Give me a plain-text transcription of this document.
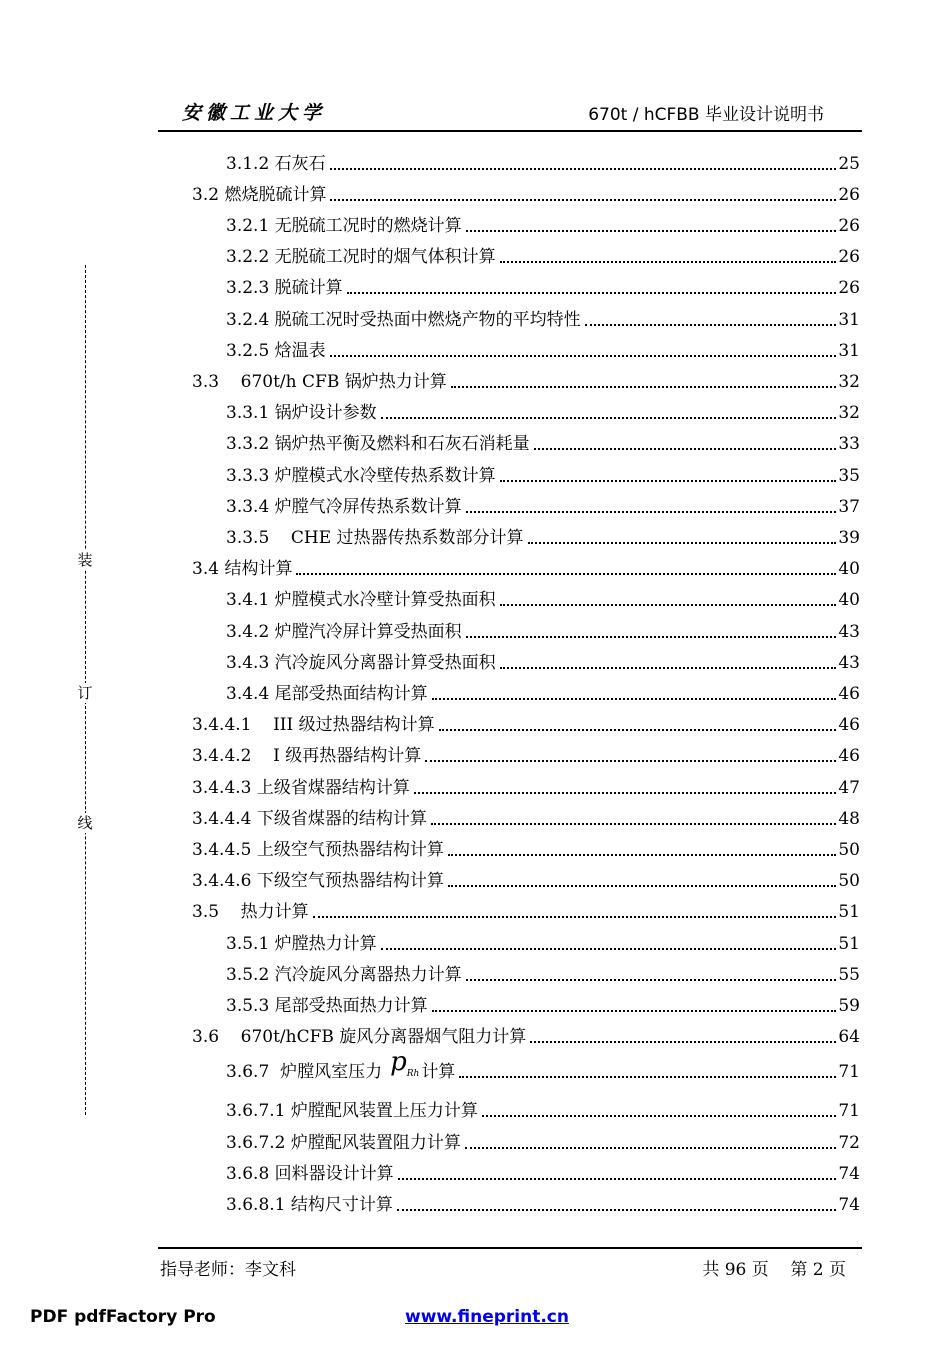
安徽工业大学	670t / hCFBB 毕业设计说明书
装
订
线
3.1.2 石灰石	25
3.2 燃烧脱硫计算	26
3.2.1 无脱硫工况时的燃烧计算	26
3.2.2 无脱硫工况时的烟气体积计算	26
3.2.3 脱硫计算	26
3.2.4 脱硫工况时受热面中燃烧产物的平均特性	31
3.2.5 焓温表	31
3.3 670t/h CFB 锅炉热力计算	32
3.3.1 锅炉设计参数	32
3.3.2 锅炉热平衡及燃料和石灰石消耗量	33
3.3.3 炉膛模式水冷壁传热系数计算	35
3.3.4 炉膛气冷屏传热系数计算	37
3.3.5 CHE 过热器传热系数部分计算	39
3.4 结构计算	40
3.4.1 炉膛模式水冷壁计算受热面积	40
3.4.2 炉膛汽冷屏计算受热面积	43
3.4.3 汽冷旋风分离器计算受热面积	43
3.4.4 尾部受热面结构计算	46
3.4.4.1 III 级过热器结构计算	46
3.4.4.2 I 级再热器结构计算	46
3.4.4.3 上级省煤器结构计算	47
3.4.4.4 下级省煤器的结构计算	48
3.4.4.5 上级空气预热器结构计算	50
3.4.4.6 下级空气预热器结构计算	50
3.5 热力计算	51
3.5.1 炉膛热力计算	51
3.5.2 汽冷旋风分离器热力计算	55
3.5.3 尾部受热面热力计算	59
3.6 670t/hCFB 旋风分离器烟气阻力计算	64
3.6.7 炉膛风室压力 $p_{Rh}$ 计算	71
3.6.7.1 炉膛配风装置上压力计算	71
3.6.7.2 炉膛配风装置阻力计算	72
3.6.8 回料器设计计算	74
3.6.8.1 结构尺寸计算	74
指导老师：李文科	共 96 页    第 2 页
PDF pdfFactory Pro	www.fineprint.cn
